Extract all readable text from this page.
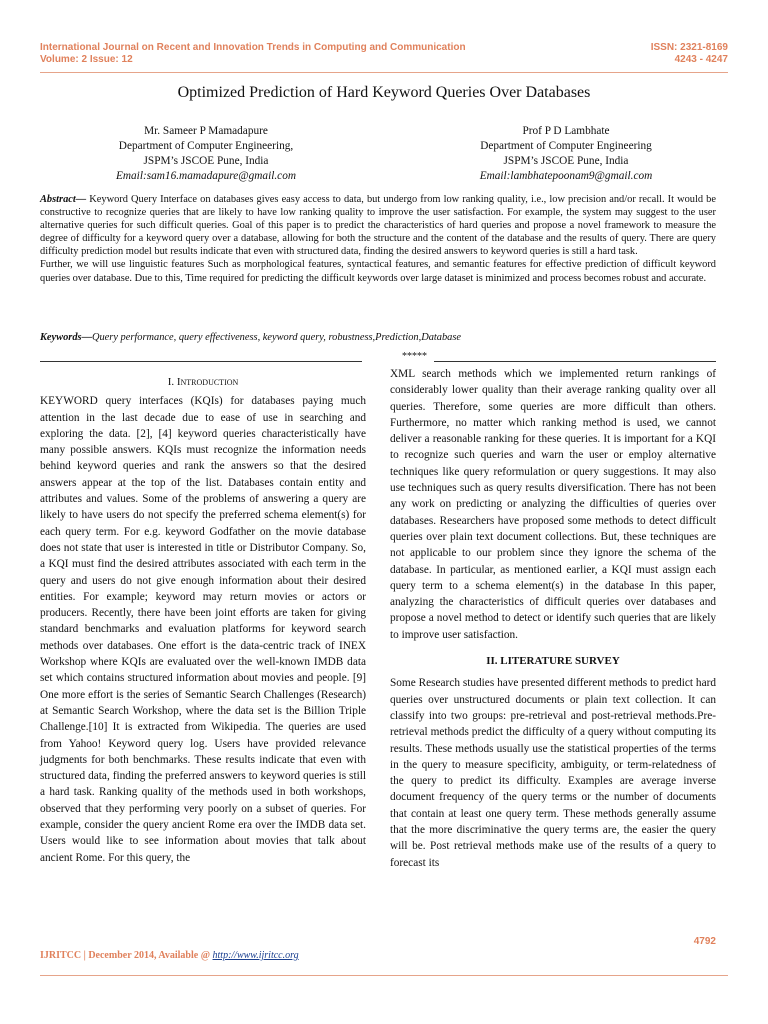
International Journal on Recent and Innovation Trends in Computing and Communication
Volume: 2 Issue: 12
ISSN: 2321-8169
4243 - 4247
Optimized Prediction of Hard Keyword Queries Over Databases
Mr. Sameer P Mamadapure
Department of Computer Engineering,
JSPM’s JSCOE Pune, India
Email:sam16.mamadapure@gmail.com
Prof P D Lambhate
Department of Computer Engineering
JSPM’s JSCOE Pune, India
Email:lambhatepoonam9@gmail.com

Abstract— Keyword Query Interface on databases gives easy access to data, but undergo from low ranking quality, i.e., low precision and/or recall. It would be constructive to recognize queries that are likely to have low ranking quality to improve the user satisfaction. For example, the system may suggest to the user alternative queries for such difficult queries. Goal of this paper is to predict the characteristics of hard queries and propose a novel framework to measure the degree of difficulty for a keyword query over a database, allowing for both the structure and the content of the database and the results of query. There are query difficulty prediction model but results indicate that even with structured data, finding the desired answers to keyword queries is still a hard task.

Further, we will use linguistic features Such as morphological features, syntactical features, and semantic features for effective prediction of difficult keyword queries over database. Due to this, Time required for predicting the difficult keywords over large dataset is minimized and process becomes robust and accurate.

Keywords—Query performance, query effectiveness, keyword query, robustness,Prediction,Database
*****

I. Introduction

KEYWORD query interfaces (KQIs) for databases paying much attention in the last decade due to ease of use in searching and exploring the data. [2], [4] keyword queries characteristically have many possible answers. KQIs must recognize the information needs behind keyword queries and rank the answers so that the desired answers appear at the top of the list. Databases contain entity and attributes and values. Some of the problems of answering a query are likely to have users do not specify the preferred schema element(s) for each query term. For e.g. keyword Godfather on the movie database does not state that user is interested in title or Distributor Company. So, a KQI must find the desired attributes associated with each term in the query and users do not give enough information about their desired entities. For example; keyword may return movies or actors or producers. Recently, there have been joint efforts are taken for giving standard benchmarks and evaluation platforms for keyword search methods over databases. One effort is the data-centric track of INEX Workshop where KQIs are evaluated over the well-known IMDB data set which contains structured information about movies and people. [9] One more effort is the series of Semantic Search Challenges (Research) at Semantic Search Workshop, where the data set is the Billion Triple Challenge.[10] It is extracted from Wikipedia. The queries are used from Yahoo! Keyword query log. Users have provided relevance judgments for both benchmarks. These results indicate that even with structured data, finding the preferred answers to keyword queries is still a hard task. Ranking quality of the methods used in both workshops, observed that they performing very poorly on a subset of queries. For example, consider the query ancient Rome era over the IMDB data set. Users would like to see information about movies that talk about ancient Rome. For this query, the

XML search methods which we implemented return rankings of considerably lower quality than their average ranking quality over all queries. Therefore, some queries are more difficult than others. Furthermore, no matter which ranking method is used, we cannot deliver a reasonable ranking for these queries. It is important for a KQI to recognize such queries and warn the user or employ alternative techniques like query reformulation or query suggestions. It may also use techniques such as query results diversification. There has not been any work on predicting or analyzing the difficulties of queries over databases. Researchers have proposed some methods to detect difficult queries over plain text document collections. But, these techniques are not applicable to our problem since they ignore the schema of the database. In particular, as mentioned earlier, a KQI must assign each query term to a schema element(s) in the database In this paper, analyzing the characteristics of difficult queries over databases and propose a novel method to detect or identify such queries that are likely to improve user satisfaction.

II. LITERATURE SURVEY

Some Research studies have presented different methods to predict hard queries over unstructured documents or plain text collection. It can classify into two groups: pre-retrieval and post-retrieval methods.Pre-retrieval methods predict the difficulty of a query without computing its results. These methods usually use the statistical properties of the terms in the query to measure specificity, ambiguity, or term-relatedness of the query to predict its difficulty. Examples are average inverse document frequency of the query terms or the number of documents that contain at least one query term. These methods generally assume that the more discriminative the query terms are, the easier the query will be. Post retrieval methods make use of the results of a query to forecast its

4792
IJRITCC | December 2014, Available @ http://www.ijritcc.org
